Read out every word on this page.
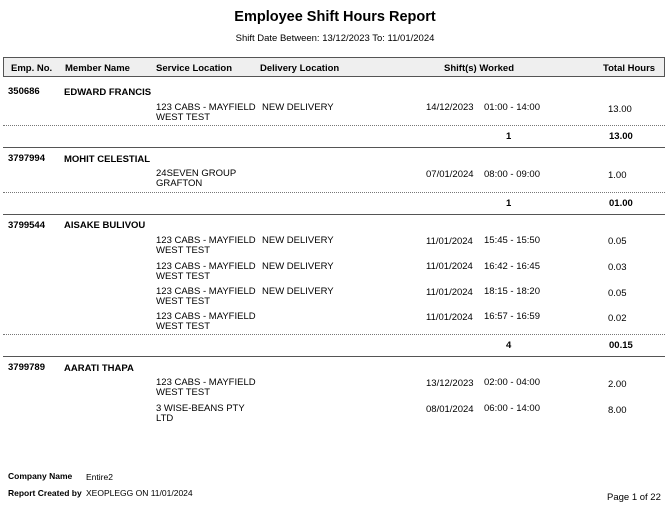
Employee Shift Hours Report
Shift Date Between: 13/12/2023 To: 11/01/2024
Emp. No. Member Name	Service Location	Delivery Location	Shift(s) Worked	Total Hours
350686	EDWARD FRANCIS
123 CABS - MAYFIELD
WEST TEST
NEW DELIVERY	14/12/2023 01:00 - 14:00	13.00
1	13.00
3797994 MOHIT CELESTIAL
24SEVEN GROUP
GRAFTON
07/01/2024 08:00 - 09:00	1.00
1	01.00
3799544 AISAKE BULIVOU
123 CABS - MAYFIELD
WEST TEST
NEW DELIVERY	11/01/2024 15:45 - 15:50	0.05
123 CABS - MAYFIELD
WEST TEST
NEW DELIVERY	11/01/2024 16:42 - 16:45	0.03
123 CABS - MAYFIELD
WEST TEST
NEW DELIVERY	11/01/2024 18:15 - 18:20	0.05
123 CABS - MAYFIELD
WEST TEST
11/01/2024 16:57 - 16:59	0.02
4	00.15
3799789 AARATI THAPA
123 CABS - MAYFIELD
WEST TEST
13/12/2023 02:00 - 04:00	2.00
3 WISE-BEANS PTY
LTD
08/01/2024 06:00 - 14:00	8.00
Company Name Entire2
Report Created by XEOPLEGG ON 11/01/2024	Page 1 of 22
